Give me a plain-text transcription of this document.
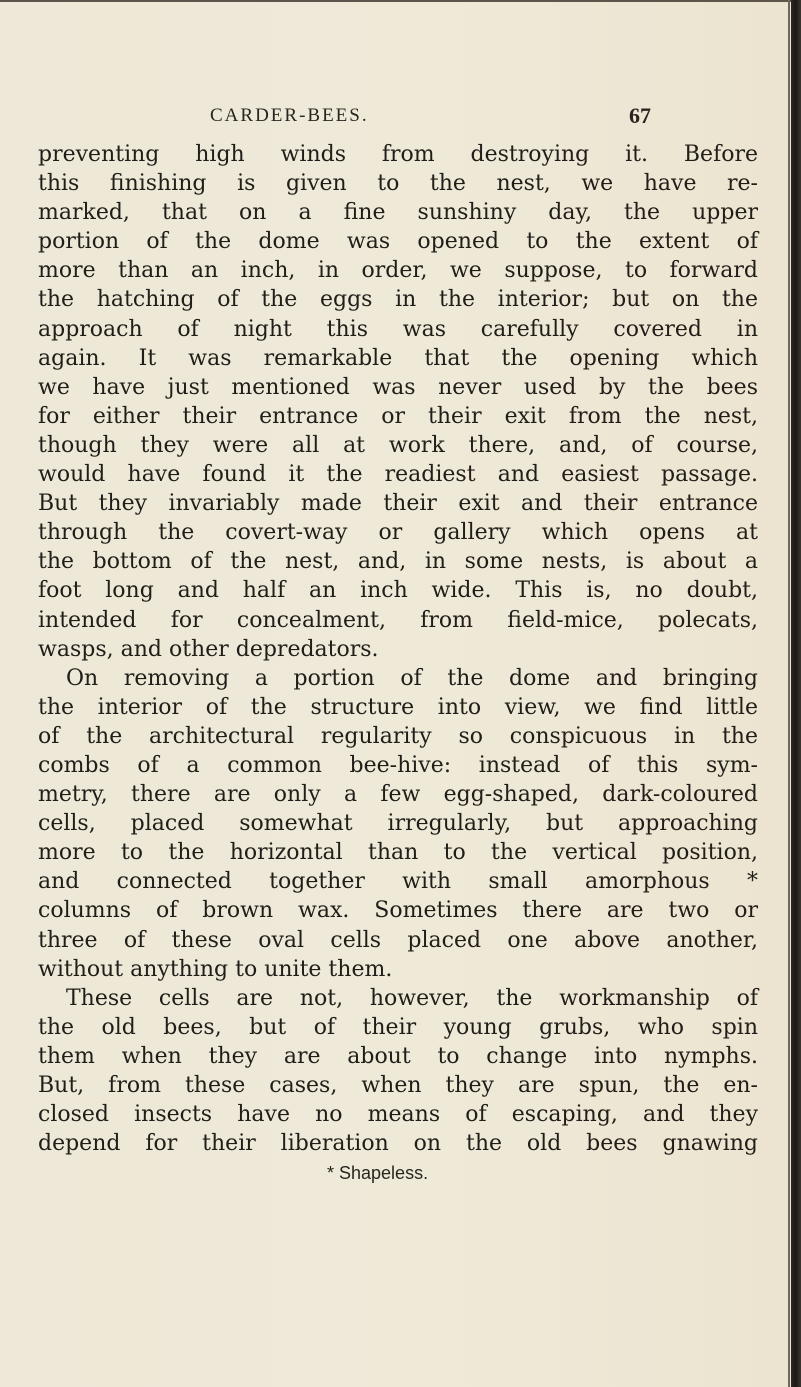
CARDER-BEES.	67
preventing high winds from destroying it. Before
this finishing is given to the nest, we have re-
marked, that on a fine sunshiny day, the upper
portion of the dome was opened to the extent of
more than an inch, in order, we suppose, to forward
the hatching of the eggs in the interior; but on the
approach of night this was carefully covered in
again. It was remarkable that the opening which
we have just mentioned was never used by the bees
for either their entrance or their exit from the nest,
though they were all at work there, and, of course,
would have found it the readiest and easiest passage.
But they invariably made their exit and their entrance
through the covert-way or gallery which opens at
the bottom of the nest, and, in some nests, is about a
foot long and half an inch wide. This is, no doubt,
intended for concealment, from field-mice, polecats,
wasps, and other depredators.
On removing a portion of the dome and bringing
the interior of the structure into view, we find little
of the architectural regularity so conspicuous in the
combs of a common bee-hive: instead of this sym-
metry, there are only a few egg-shaped, dark-coloured
cells, placed somewhat irregularly, but approaching
more to the horizontal than to the vertical position,
and connected together with small amorphous *
columns of brown wax. Sometimes there are two or
three of these oval cells placed one above another,
without anything to unite them.
These cells are not, however, the workmanship of
the old bees, but of their young grubs, who spin
them when they are about to change into nymphs.
But, from these cases, when they are spun, the en-
closed insects have no means of escaping, and they
depend for their liberation on the old bees gnawing
* Shapeless.
